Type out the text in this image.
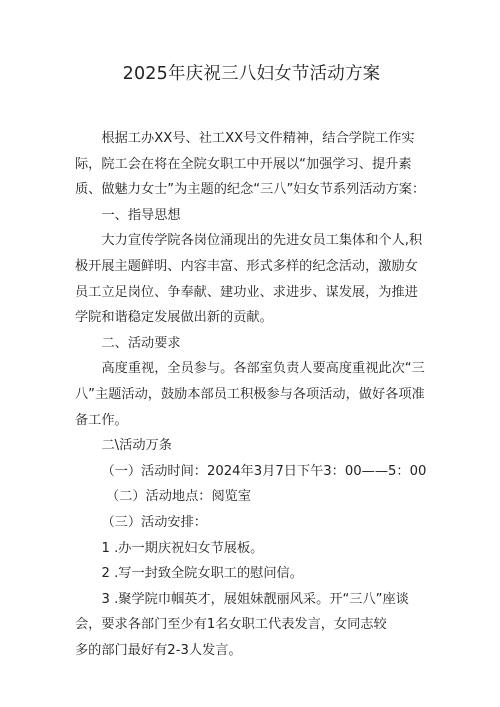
2025年庆祝三八妇女节活动方案

根据工办XX号、社工XX号文件精神，结合学院工作实际，院工会在将在全院女职工中开展以“加强学习、提升素质、做魅力女士”为主题的纪念“三八”妇女节系列活动方案：

一、指导思想

大力宣传学院各岗位涌现出的先进女员工集体和个人,积极开展主题鲜明、内容丰富、形式多样的纪念活动，激励女员工立足岗位、争奉献、建功业、求进步、谋发展，为推进学院和谐稳定发展做出新的贡献。

二、活动要求

高度重视，全员参与。各部室负责人要高度重视此次“三八”主题活动，鼓励本部员工积极参与各项活动，做好各项准备工作。

二\活动万条

（一）活动时间：2024年3月7日下午3：00——5：00

（二）活动地点：阅览室

（三）活动安排：

1 .办一期庆祝妇女节展板。

2 .写一封致全院女职工的慰问信。

3 .聚学院巾帼英才，展姐妹靓丽风采。开“三八”座谈会，要求各部门至少有1名女职工代表发言，女同志较

多的部门最好有2-3人发言。
